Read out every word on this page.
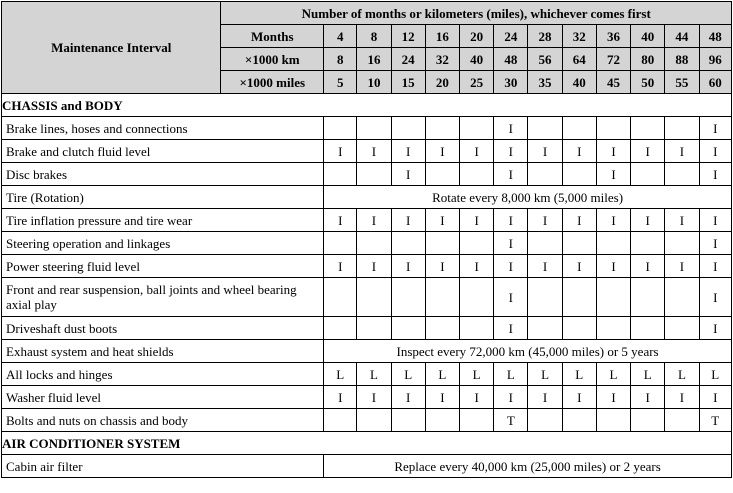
Maintenance Interval	Number of months or kilometers (miles), whichever comes first												
	Months	4	8	12	16	20	24	28	32	36	40	44	48
	×1000 km	8	16	24	32	40	48	56	64	72	80	88	96
	×1000 miles	5	10	15	20	25	30	35	40	45	50	55	60
CHASSIS and BODY													
Brake lines, hoses and connections							I						I
Brake and clutch fluid level		I	I	I	I	I	I	I	I	I	I	I	I
Disc brakes				I			I			I			I
Tire (Rotation)		Rotate every 8,000 km (5,000 miles)											
Tire inflation pressure and tire wear		I	I	I	I	I	I	I	I	I	I	I	I
Steering operation and linkages							I						I
Power steering fluid level		I	I	I	I	I	I	I	I	I	I	I	I
Front and rear suspension, ball joints and wheel bearing axial play							I						I
Driveshaft dust boots							I						I
Exhaust system and heat shields		Inspect every 72,000 km (45,000 miles) or 5 years											
All locks and hinges		L	L	L	L	L	L	L	L	L	L	L	L
Washer fluid level		I	I	I	I	I	I	I	I	I	I	I	I
Bolts and nuts on chassis and body							T						T
AIR CONDITIONER SYSTEM													
Cabin air filter		Replace every 40,000 km (25,000 miles) or 2 years											
